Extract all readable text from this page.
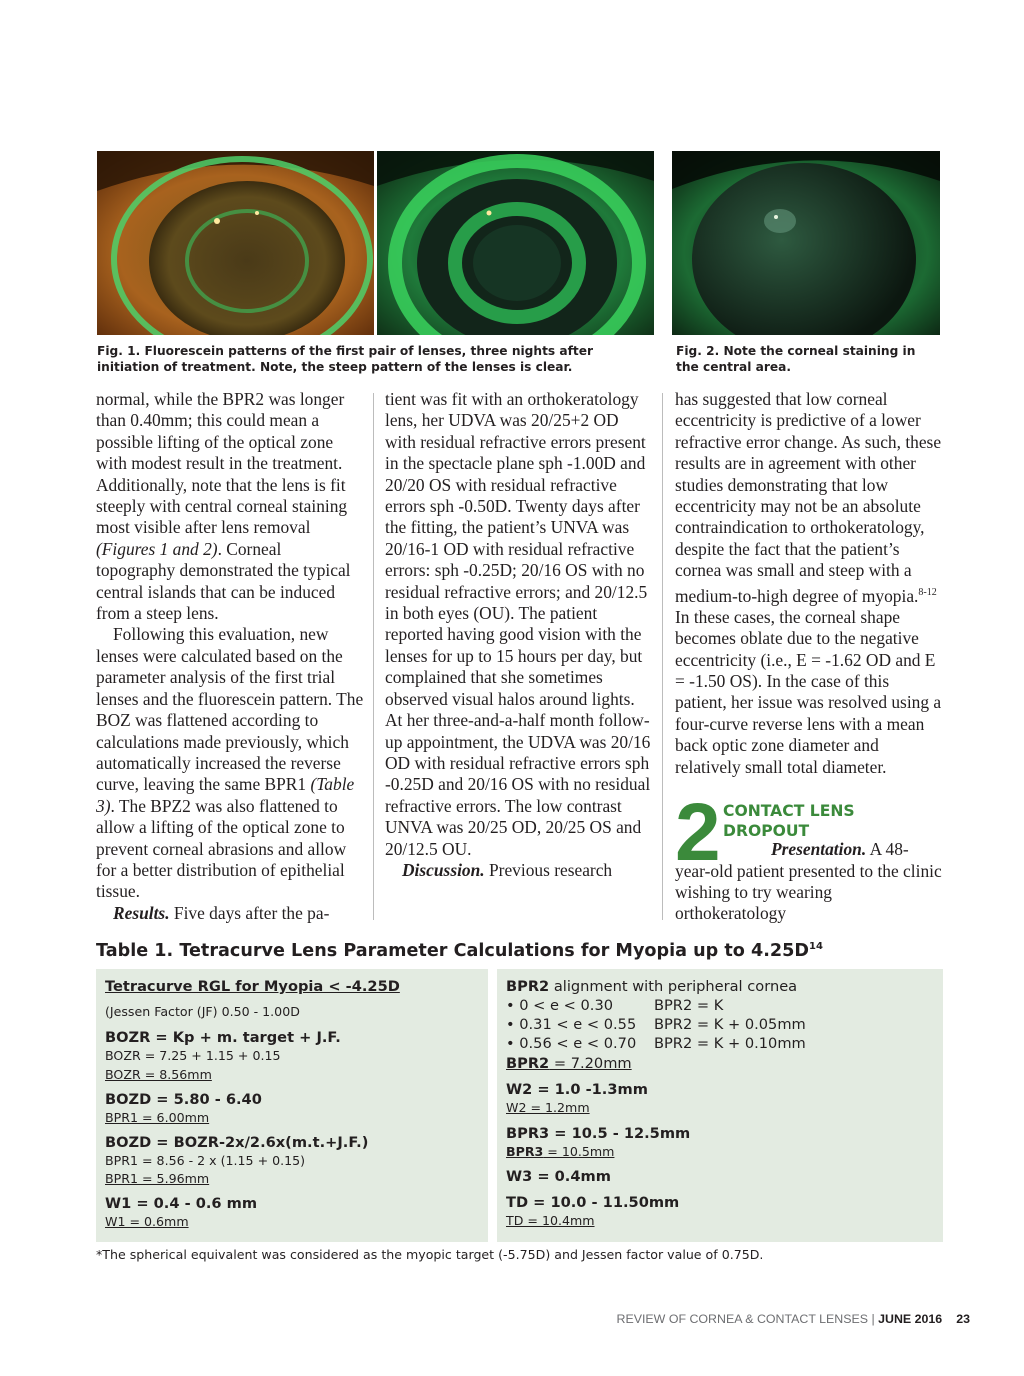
Fig. 1. Fluorescein patterns of the first pair of lenses, three nights after
initiation of treatment. Note, the steep pattern of the lenses is clear.
Fig. 2. Note the corneal staining in
the central area.

normal, while the BPR2 was longer than 0.40mm; this could mean a possible lifting of the optical zone with modest result in the treatment. Additionally, note that the lens is fit steeply with central corneal staining most visible after lens removal (Figures 1 and 2). Corneal topography demonstrated the typical central islands that can be induced from a steep lens.

Following this evaluation, new lenses were calculated based on the parameter analysis of the first trial lenses and the fluorescein pattern. The BOZ was flattened according to calculations made previously, which automatically increased the reverse curve, leaving the same BPR1 (Table 3). The BPZ2 was also flattened to allow a lifting of the optical zone to prevent corneal abrasions and allow for a better distribution of epithelial tissue.

Results. Five days after the pa-

tient was fit with an orthokeratology lens, her UDVA was 20/25+2 OD with residual refractive errors present in the spectacle plane sph -1.00D and 20/20 OS with residual refractive errors sph -0.50D. Twenty days after the fitting, the patient’s UNVA was 20/16-1 OD with residual refractive errors: sph -0.25D; 20/16 OS with no residual refractive errors; and 20/12.5 in both eyes (OU). The patient reported having good vision with the lenses for up to 15 hours per day, but complained that she sometimes observed visual halos around lights. At her three-and-a-half month follow-up appointment, the UDVA was 20/16 OD with residual refractive errors sph -0.25D and 20/16 OS with no residual refractive errors. The low contrast UNVA was 20/25 OD, 20/25 OS and 20/12.5 OU.

Discussion. Previous research

has suggested that low corneal eccentricity is predictive of a lower refractive error change. As such, these results are in agreement with other studies demonstrating that low eccentricity may not be an absolute contraindication to orthokeratology, despite the fact that the patient’s cornea was small and steep with a medium-to-high degree of myopia.$^{8-12}$ In these cases, the corneal shape becomes oblate due to the negative eccentricity (i.e., E = -1.62 OD and E = -1.50 OS). In the case of this patient, her issue was resolved using a four-curve reverse lens with a mean back optic zone diameter and relatively small total diameter.

2 CONTACT LENS DROPOUT

Presentation. A 48-year-old patient presented to the clinic wishing to try wearing orthokeratology

Table 1. Tetracurve Lens Parameter Calculations for Myopia up to $4.25D^{14}$
Tetracurve RGL for Myopia < -4.25D
(Jessen Factor (JF) 0.50 - 1.00D
BOZR = Kp + m. target + J.F.
BOZR = 7.25 + 1.15 + 0.15
BOZR = 8.56mm
BOZD = 5.80 - 6.40
BPR1 = 6.00mm
BOZD = BOZR-2x/2.6x(m.t.+J.F.)
BPR1 = 8.56 - 2 x (1.15 + 0.15)
BPR1 = 5.96mm
W1 = 0.4 - 0.6 mm
W1 = 0.6mm
BPR2 alignment with peripheral cornea
• 0 < e < 0.30	BPR2 = K
• 0.31 < e < 0.55 BPR2 = K + 0.05mm
• 0.56 < e < 0.70 BPR2 = K + 0.10mm
BPR2 = 7.20mm
W2 = 1.0 -1.3mm
W2 = 1.2mm
BPR3 = 10.5 - 12.5mm
BPR3 = 10.5mm
W3 = 0.4mm
TD = 10.0 - 11.50mm
TD = 10.4mm
*The spherical equivalent was considered as the myopic target (-5.75D) and Jessen factor value of 0.75D.
REVIEW OF CORNEA & CONTACT LENSES | JUNE 2016 23
